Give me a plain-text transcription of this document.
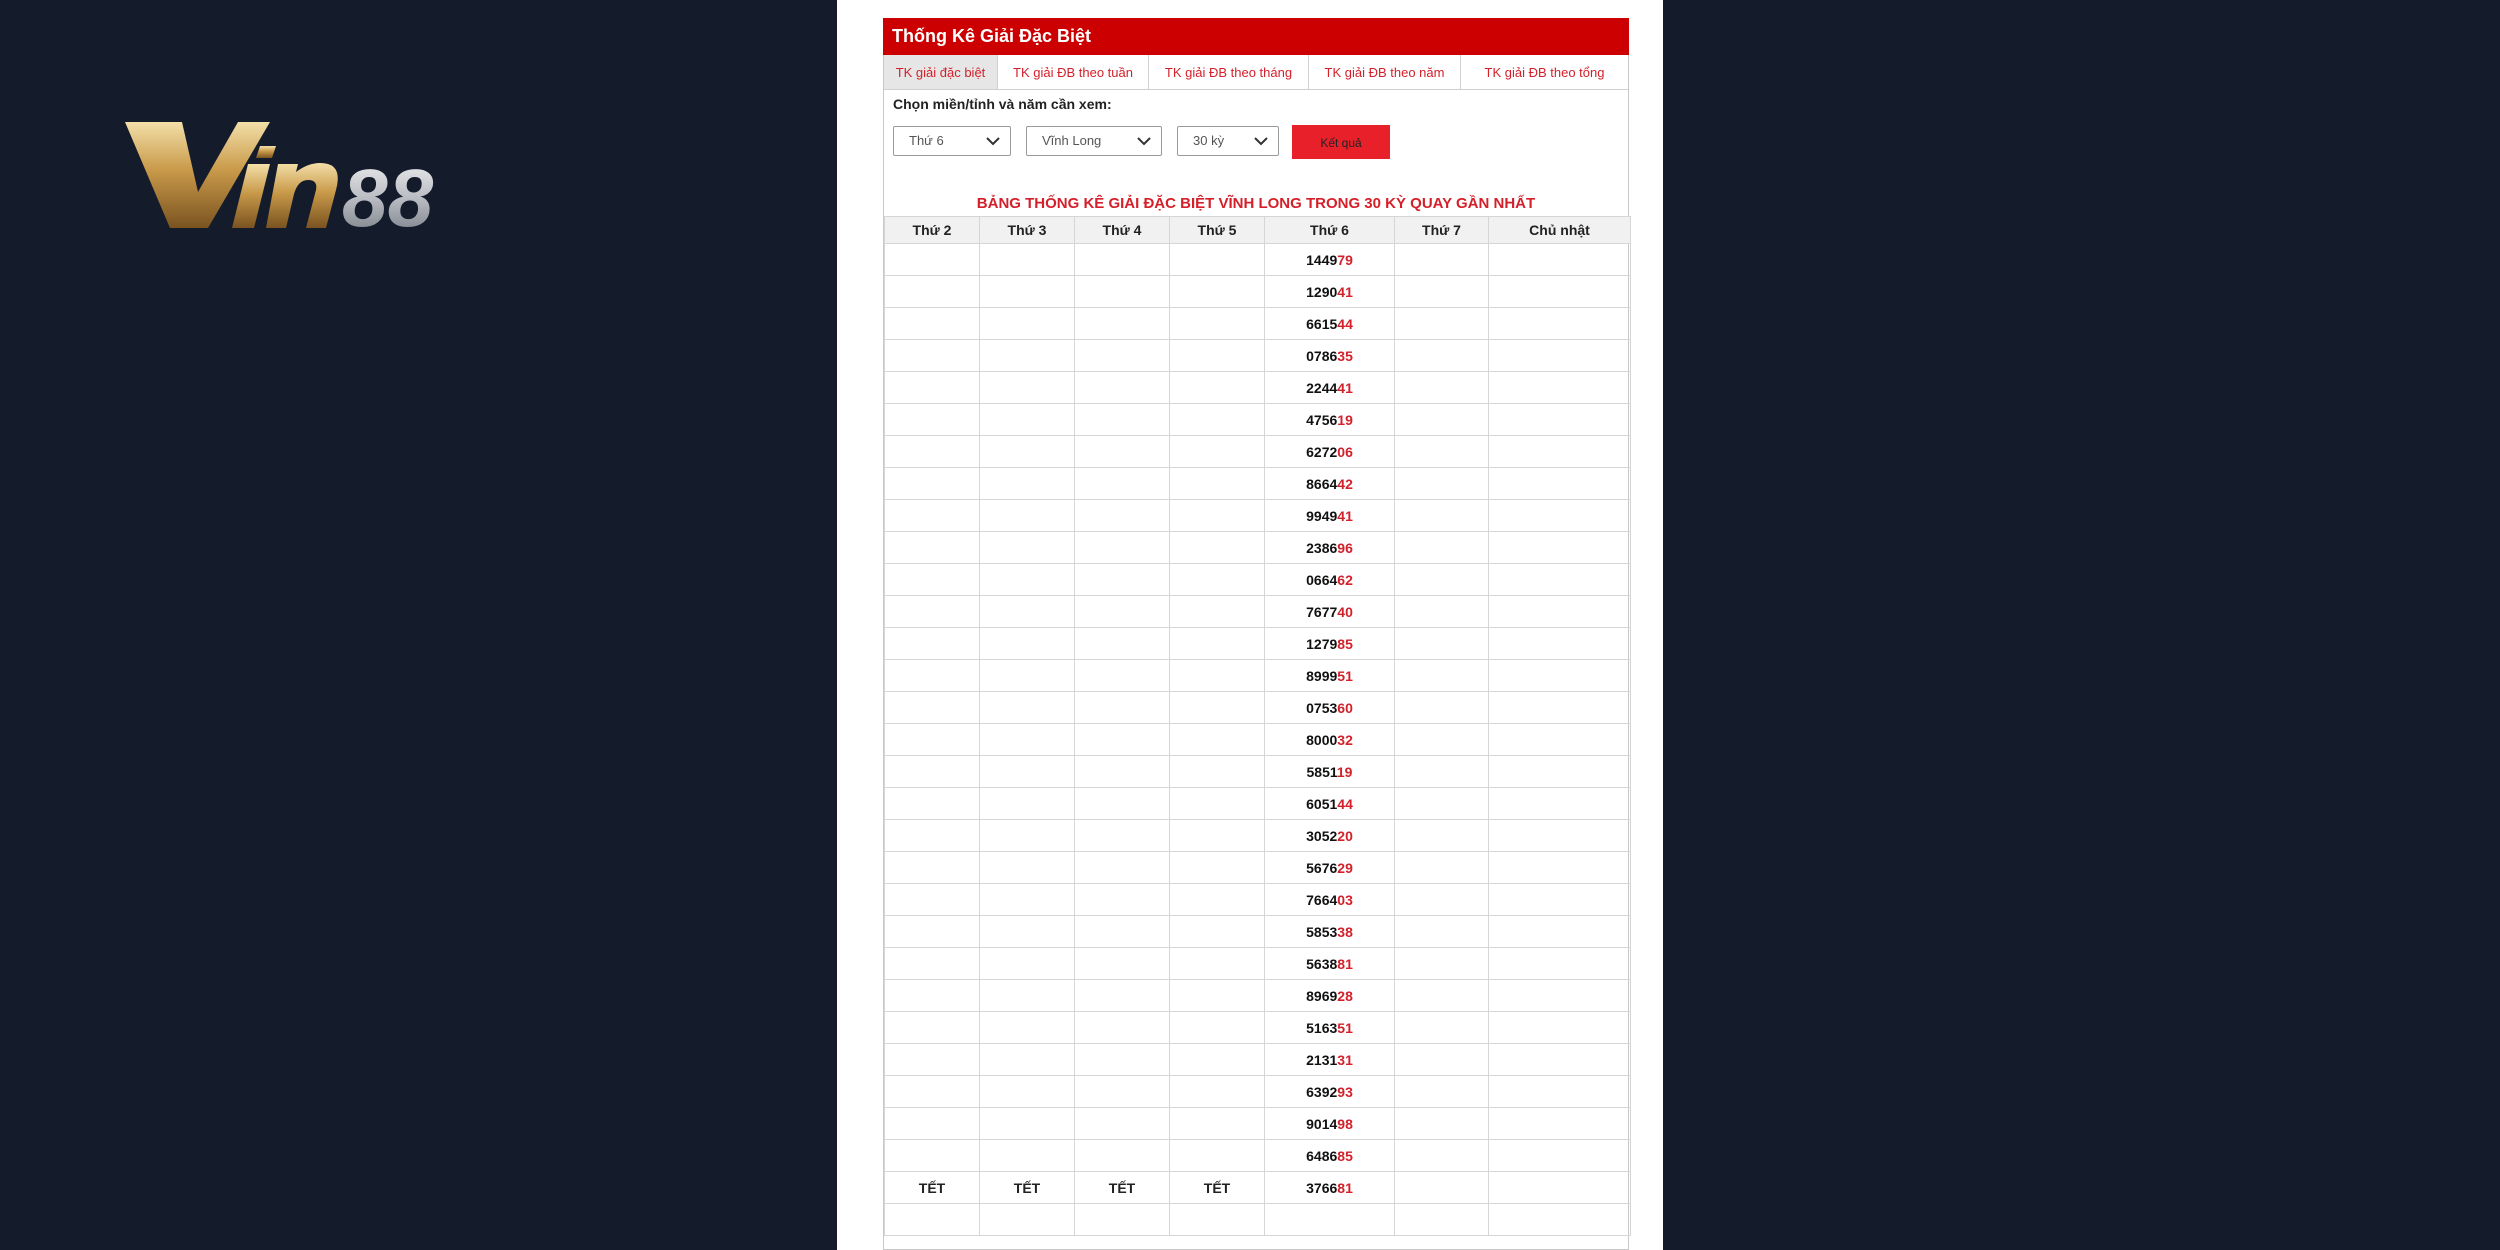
88
Thống Kê Giải Đặc Biệt
TK giải đặc biệt	TK giải ĐB theo tuần	TK giải ĐB theo tháng	TK giải ĐB theo năm	TK giải ĐB theo tổng
Chọn miền/tỉnh và năm cần xem:
Thứ 6	Vĩnh Long	30 kỳ	Kết quả
BẢNG THỐNG KÊ GIẢI ĐẶC BIỆT VĨNH LONG TRONG 30 KỲ QUAY GẦN NHẤT
Thứ 2	Thứ 3	Thứ 4	Thứ 5	Thứ 6	Thứ 7	Chủ nhật
				144979		
				129041		
				661544		
				078635		
				224441		
				475619		
				627206		
				866442		
				994941		
				238696		
				066462		
				767740		
				127985		
				899951		
				075360		
				800032		
				585119		
				605144		
				305220		
				567629		
				766403		
				585338		
				563881		
				896928		
				516351		
				213131		
				639293		
				901498		
				648685		
TẾT	TẾT	TẾT	TẾT	376681		
